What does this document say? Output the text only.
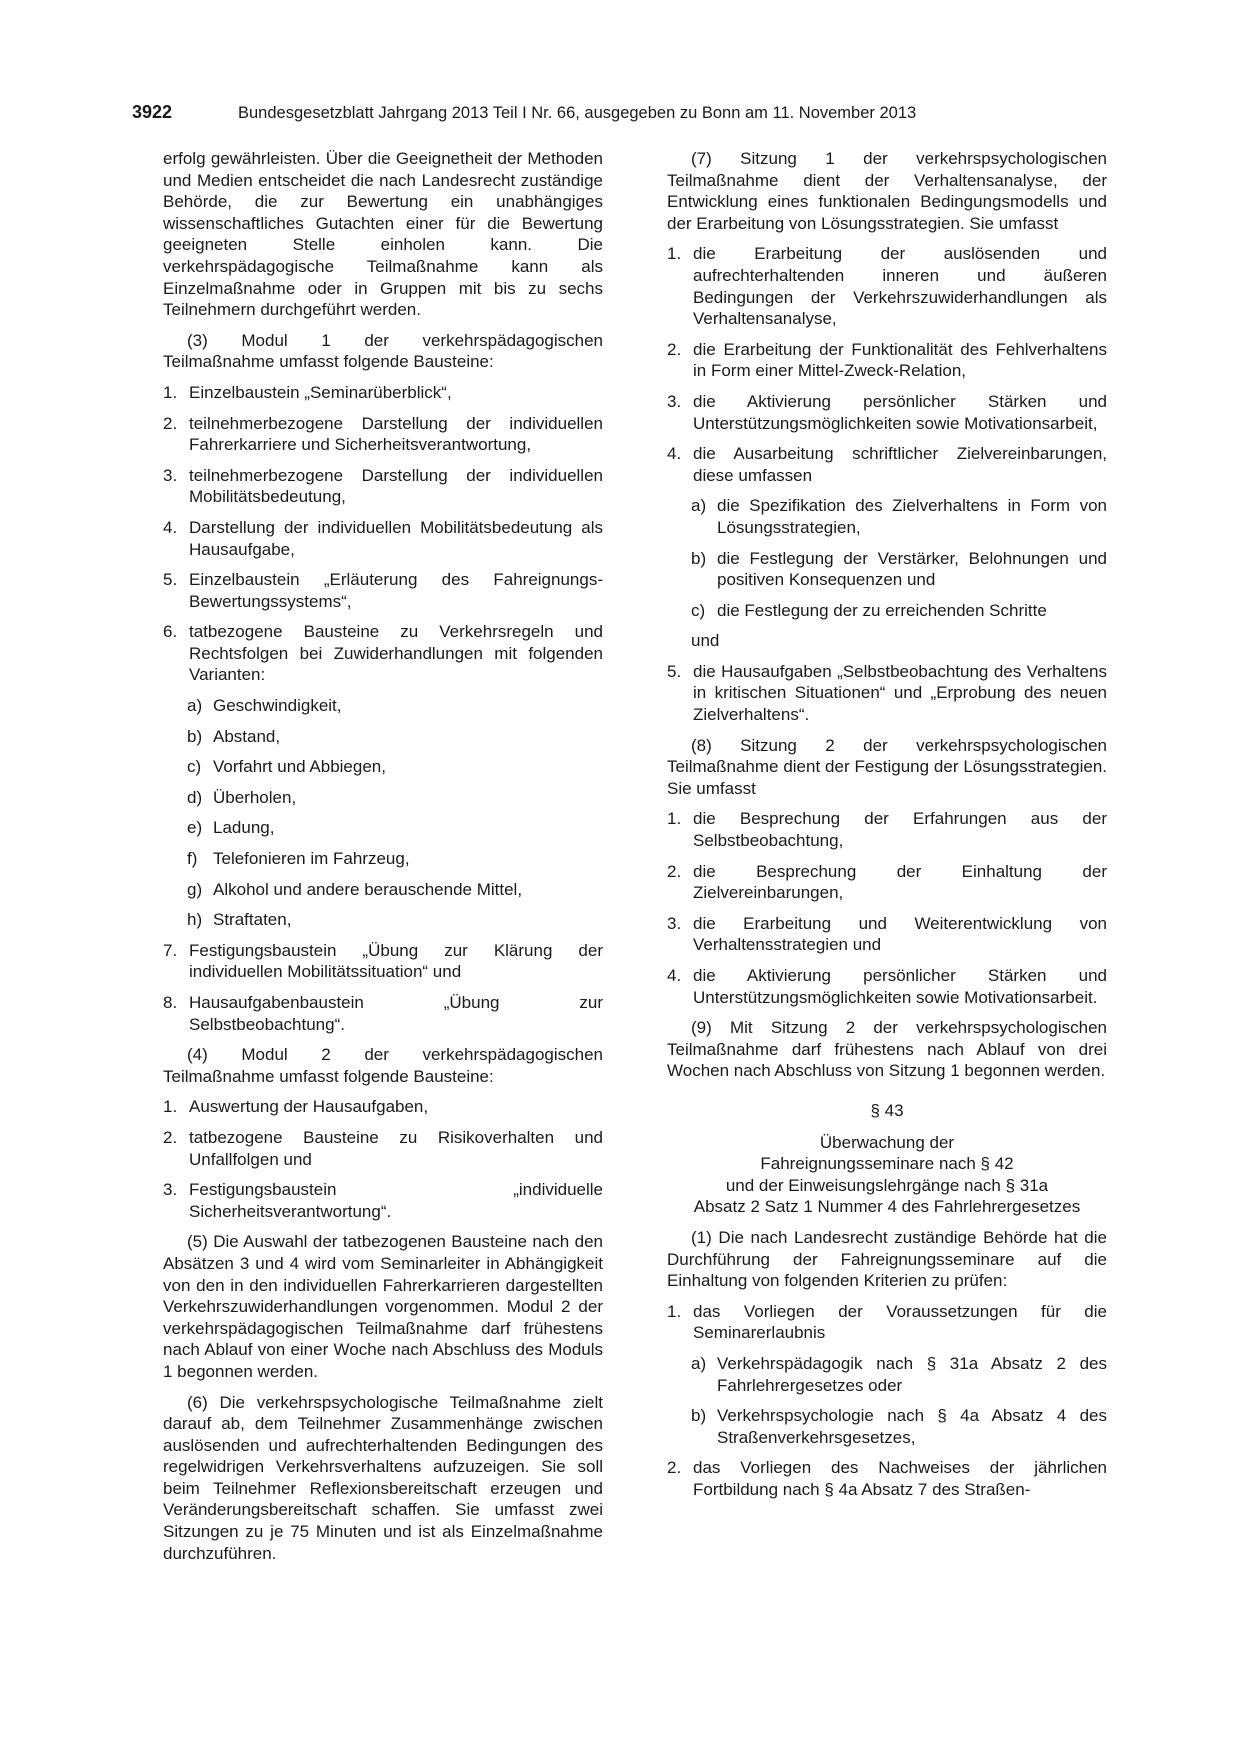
3922	Bundesgesetzblatt Jahrgang 2013 Teil I Nr. 66, ausgegeben zu Bonn am 11. November 2013

erfolg gewährleisten. Über die Geeignetheit der Methoden und Medien entscheidet die nach Landesrecht zuständige Behörde, die zur Bewertung ein unabhängiges wissenschaftliches Gutachten einer für die Bewertung geeigneten Stelle einholen kann. Die verkehrspädagogische Teilmaßnahme kann als Einzelmaßnahme oder in Gruppen mit bis zu sechs Teilnehmern durchgeführt werden.

(3) Modul 1 der verkehrspädagogischen Teilmaßnahme umfasst folgende Bausteine:

1. Einzelbaustein „Seminarüberblick“,
2. teilnehmerbezogene Darstellung der individuellen Fahrerkarriere und Sicherheitsverantwortung,
3. teilnehmerbezogene Darstellung der individuellen Mobilitätsbedeutung,
4. Darstellung der individuellen Mobilitätsbedeutung als Hausaufgabe,
5. Einzelbaustein „Erläuterung des Fahreignungs-Bewertungssystems“,
6. tatbezogene Bausteine zu Verkehrsregeln und Rechtsfolgen bei Zuwiderhandlungen mit folgenden Varianten:
a) Geschwindigkeit,
b) Abstand,
c) Vorfahrt und Abbiegen,
d) Überholen,
e) Ladung,
f) Telefonieren im Fahrzeug,
g) Alkohol und andere berauschende Mittel,
h) Straftaten,
7. Festigungsbaustein „Übung zur Klärung der individuellen Mobilitätssituation“ und
8. Hausaufgabenbaustein „Übung zur Selbstbeobachtung“.

(4) Modul 2 der verkehrspädagogischen Teilmaßnahme umfasst folgende Bausteine:

1. Auswertung der Hausaufgaben,
2. tatbezogene Bausteine zu Risikoverhalten und Unfallfolgen und
3. Festigungsbaustein „individuelle Sicherheitsverantwortung“.

(5) Die Auswahl der tatbezogenen Bausteine nach den Absätzen 3 und 4 wird vom Seminarleiter in Abhängigkeit von den in den individuellen Fahrerkarrieren dargestellten Verkehrszuwiderhandlungen vorgenommen. Modul 2 der verkehrspädagogischen Teilmaßnahme darf frühestens nach Ablauf von einer Woche nach Abschluss des Moduls 1 begonnen werden.

(6) Die verkehrspsychologische Teilmaßnahme zielt darauf ab, dem Teilnehmer Zusammenhänge zwischen auslösenden und aufrechterhaltenden Bedingungen des regelwidrigen Verkehrsverhaltens aufzuzeigen. Sie soll beim Teilnehmer Reflexionsbereitschaft erzeugen und Veränderungsbereitschaft schaffen. Sie umfasst zwei Sitzungen zu je 75 Minuten und ist als Einzelmaßnahme durchzuführen.

(7) Sitzung 1 der verkehrspsychologischen Teilmaßnahme dient der Verhaltensanalyse, der Entwicklung eines funktionalen Bedingungsmodells und der Erarbeitung von Lösungsstrategien. Sie umfasst

1. die Erarbeitung der auslösenden und aufrechterhaltenden inneren und äußeren Bedingungen der Verkehrszuwiderhandlungen als Verhaltensanalyse,
2. die Erarbeitung der Funktionalität des Fehlverhaltens in Form einer Mittel-Zweck-Relation,
3. die Aktivierung persönlicher Stärken und Unterstützungsmöglichkeiten sowie Motivationsarbeit,
4. die Ausarbeitung schriftlicher Zielvereinbarungen, diese umfassen
a) die Spezifikation des Zielverhaltens in Form von Lösungsstrategien,
b) die Festlegung der Verstärker, Belohnungen und positiven Konsequenzen und
c) die Festlegung der zu erreichenden Schritte
und
5. die Hausaufgaben „Selbstbeobachtung des Verhaltens in kritischen Situationen“ und „Erprobung des neuen Zielverhaltens“.

(8) Sitzung 2 der verkehrspsychologischen Teilmaßnahme dient der Festigung der Lösungsstrategien. Sie umfasst

1. die Besprechung der Erfahrungen aus der Selbstbeobachtung,
2. die Besprechung der Einhaltung der Zielvereinbarungen,
3. die Erarbeitung und Weiterentwicklung von Verhaltensstrategien und
4. die Aktivierung persönlicher Stärken und Unterstützungsmöglichkeiten sowie Motivationsarbeit.

(9) Mit Sitzung 2 der verkehrspsychologischen Teilmaßnahme darf frühestens nach Ablauf von drei Wochen nach Abschluss von Sitzung 1 begonnen werden.

§ 43
Überwachung der
Fahreignungsseminare nach § 42
und der Einweisungslehrgänge nach § 31a
Absatz 2 Satz 1 Nummer 4 des Fahrlehrergesetzes

(1) Die nach Landesrecht zuständige Behörde hat die Durchführung der Fahreignungsseminare auf die Einhaltung von folgenden Kriterien zu prüfen:

1. das Vorliegen der Voraussetzungen für die Seminarerlaubnis
a) Verkehrspädagogik nach § 31a Absatz 2 des Fahrlehrergesetzes oder
b) Verkehrspsychologie nach § 4a Absatz 4 des Straßenverkehrsgesetzes,
2. das Vorliegen des Nachweises der jährlichen Fortbildung nach § 4a Absatz 7 des Straßen-
